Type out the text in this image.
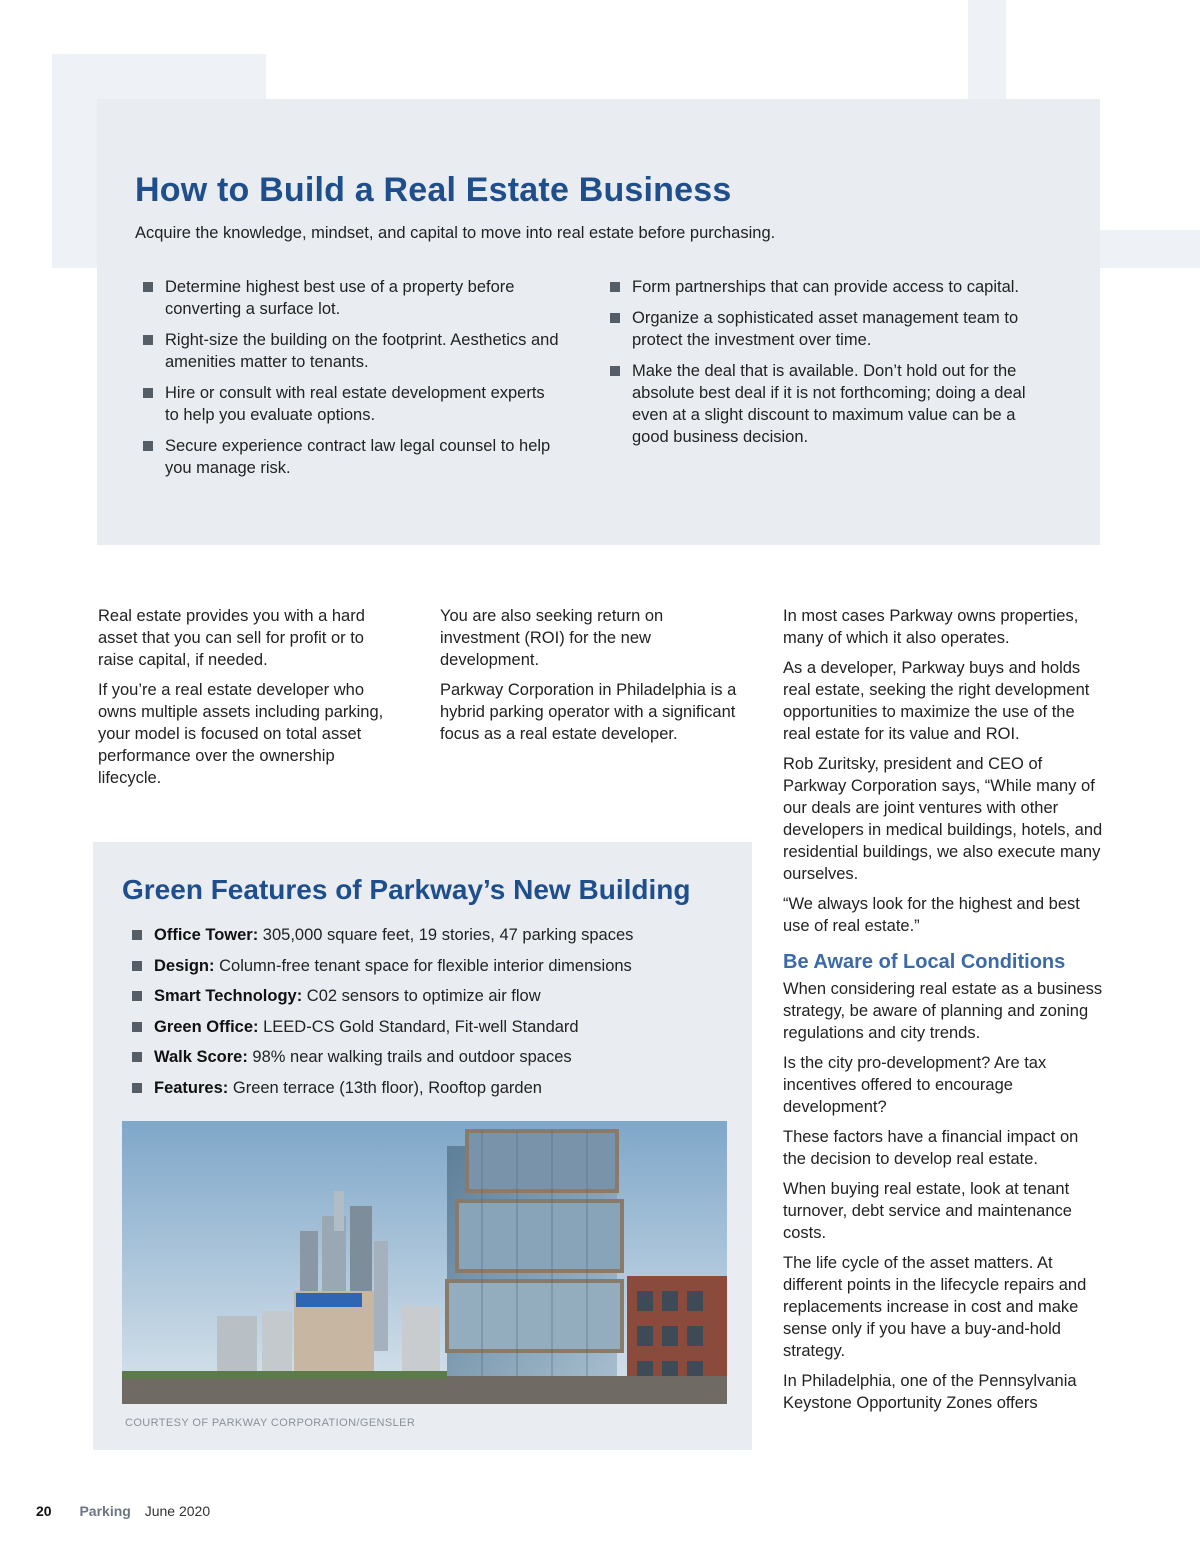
How to Build a Real Estate Business

Acquire the knowledge, mindset, and capital to move into real estate before purchasing.

Determine highest best use of a property before converting a surface lot.
Right-size the building on the footprint. Aesthetics and amenities matter to tenants.
Hire or consult with real estate development experts to help you evaluate options.
Secure experience contract law legal counsel to help you manage risk.
Form partnerships that can provide access to capital.
Organize a sophisticated asset management team to protect the investment over time.
Make the deal that is available. Don’t hold out for the absolute best deal if it is not forthcoming; doing a deal even at a slight discount to maximum value can be a good business decision.

Real estate provides you with a hard asset that you can sell for profit or to raise capital, if needed.

If you’re a real estate developer who owns multiple assets including parking, your model is focused on total asset performance over the ownership lifecycle.

You are also seeking return on investment (ROI) for the new development.

Parkway Corporation in Philadelphia is a hybrid parking operator with a significant focus as a real estate developer.

In most cases Parkway owns properties, many of which it also operates.

As a developer, Parkway buys and holds real estate, seeking the right development opportunities to maximize the use of the real estate for its value and ROI.

Rob Zuritsky, president and CEO of Parkway Corporation says, “While many of our deals are joint ventures with other developers in medical buildings, hotels, and residential buildings, we also execute many ourselves.

“We always look for the highest and best use of real estate.”

Be Aware of Local Conditions

When considering real estate as a business strategy, be aware of planning and zoning regulations and city trends.

Is the city pro-development? Are tax incentives offered to encourage development?

These factors have a financial impact on the decision to develop real estate.

When buying real estate, look at tenant turnover, debt service and maintenance costs.

The life cycle of the asset matters. At different points in the lifecycle repairs and replacements increase in cost and make sense only if you have a buy-and-hold strategy.

In Philadelphia, one of the Pennsylvania Keystone Opportunity Zones offers

Green Features of Parkway’s New Building
Office Tower: 305,000 square feet, 19 stories, 47 parking spaces
Design: Column-free tenant space for flexible interior dimensions
Smart Technology: C02 sensors to optimize air flow
Green Office: LEED-CS Gold Standard, Fit-well Standard
Walk Score: 98% near walking trails and outdoor spaces
Features: Green terrace (13th floor), Rooftop garden

COURTESY OF PARKWAY CORPORATION/GENSLER

20 Parking June 2020
